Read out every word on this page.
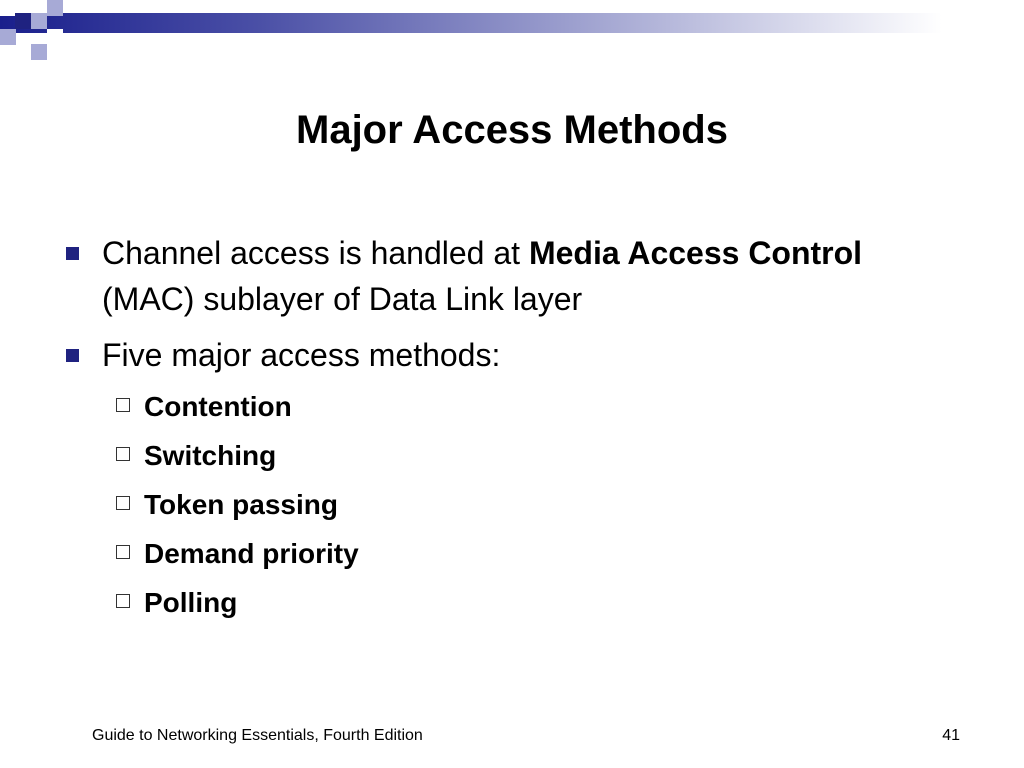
Major Access Methods
Channel access is handled at Media Access Control (MAC) sublayer of Data Link layer
Five major access methods:
Contention
Switching
Token passing
Demand priority
Polling
Guide to Networking Essentials, Fourth Edition	41
